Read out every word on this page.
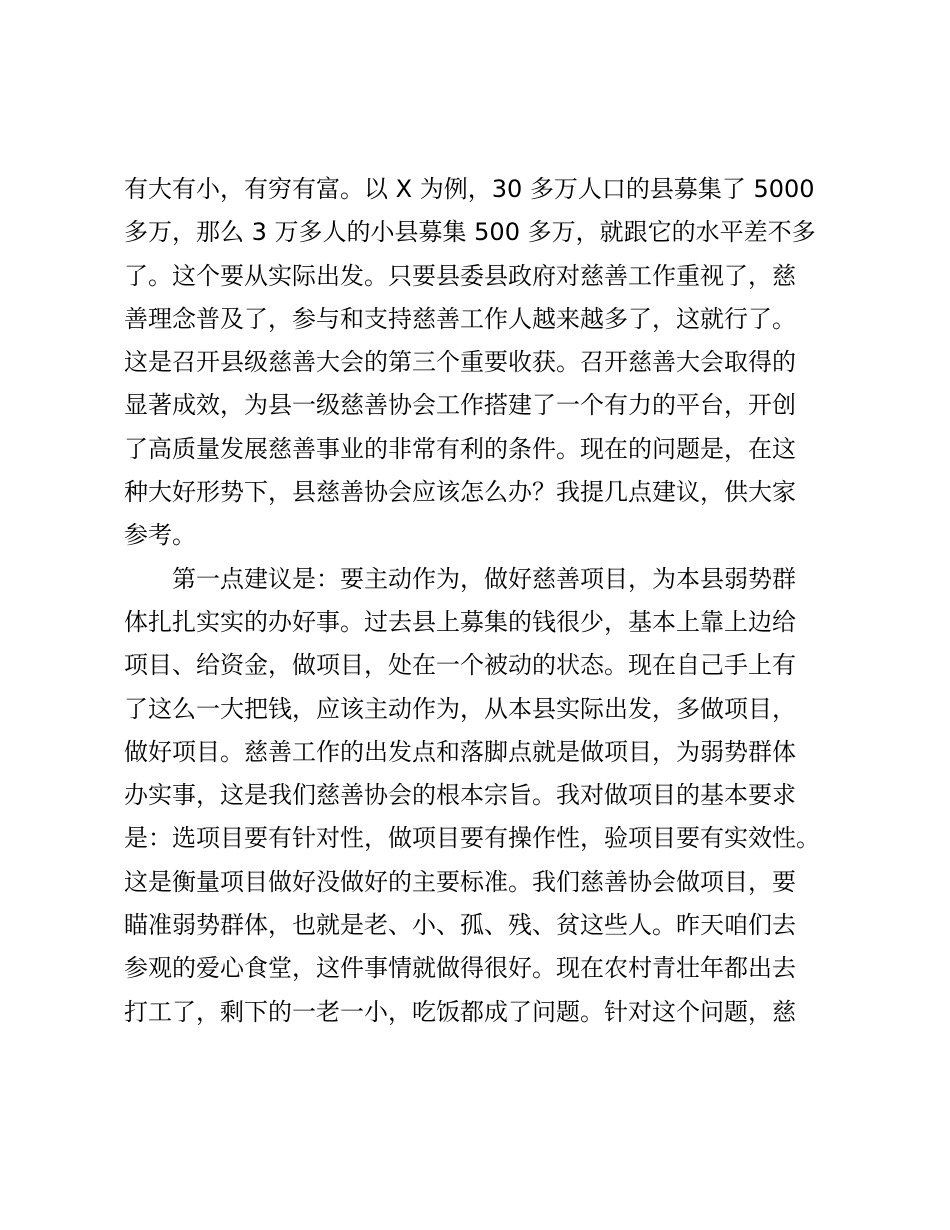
有大有小，有穷有富。以 X 为例，30 多万人口的县募集了 5000
多万，那么 3 万多人的小县募集 500 多万，就跟它的水平差不多
了。这个要从实际出发。只要县委县政府对慈善工作重视了，慈
善理念普及了，参与和支持慈善工作人越来越多了，这就行了。
这是召开县级慈善大会的第三个重要收获。召开慈善大会取得的
显著成效，为县一级慈善协会工作搭建了一个有力的平台，开创
了高质量发展慈善事业的非常有利的条件。现在的问题是，在这
种大好形势下，县慈善协会应该怎么办？我提几点建议，供大家
参考。
第一点建议是：要主动作为，做好慈善项目，为本县弱势群
体扎扎实实的办好事。过去县上募集的钱很少，基本上靠上边给
项目、给资金，做项目，处在一个被动的状态。现在自己手上有
了这么一大把钱，应该主动作为，从本县实际出发，多做项目，
做好项目。慈善工作的出发点和落脚点就是做项目，为弱势群体
办实事，这是我们慈善协会的根本宗旨。我对做项目的基本要求
是：选项目要有针对性，做项目要有操作性，验项目要有实效性。
这是衡量项目做好没做好的主要标准。我们慈善协会做项目，要
瞄准弱势群体，也就是老、小、孤、残、贫这些人。昨天咱们去
参观的爱心食堂，这件事情就做得很好。现在农村青壮年都出去
打工了，剩下的一老一小，吃饭都成了问题。针对这个问题，慈
